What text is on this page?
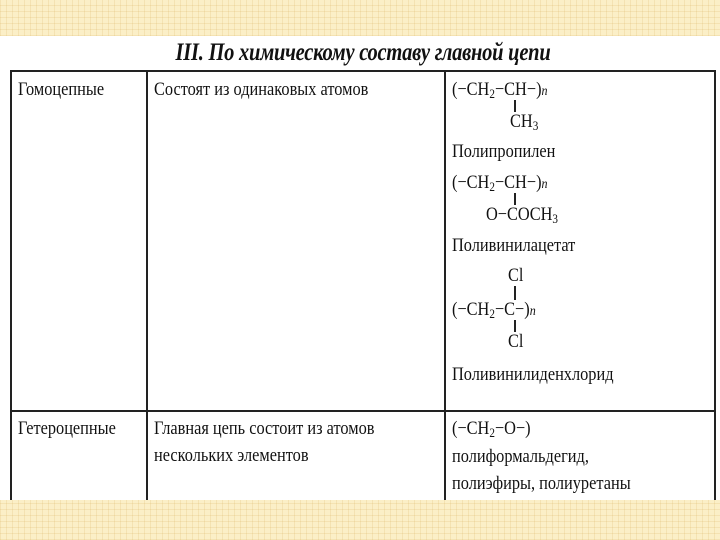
III. По химическому составу главной цепи
Гомоцепные	Состоят из одинаковых атомов	$(-CH_2-CH-)n$
$CH_3$
Полипропилен
$(-CH_2-CH-)n$
$O-COCH_3$
Поливинилацетат
Cl
$(-CH_2-C-)n$
Cl
Поливинилиденхлорид
Гетероцепные Главная цепь состоит из атомов
нескольких элементов
$(-CH_2-O-)$
полиформальдегид,
полиэфиры, полиуретаны
